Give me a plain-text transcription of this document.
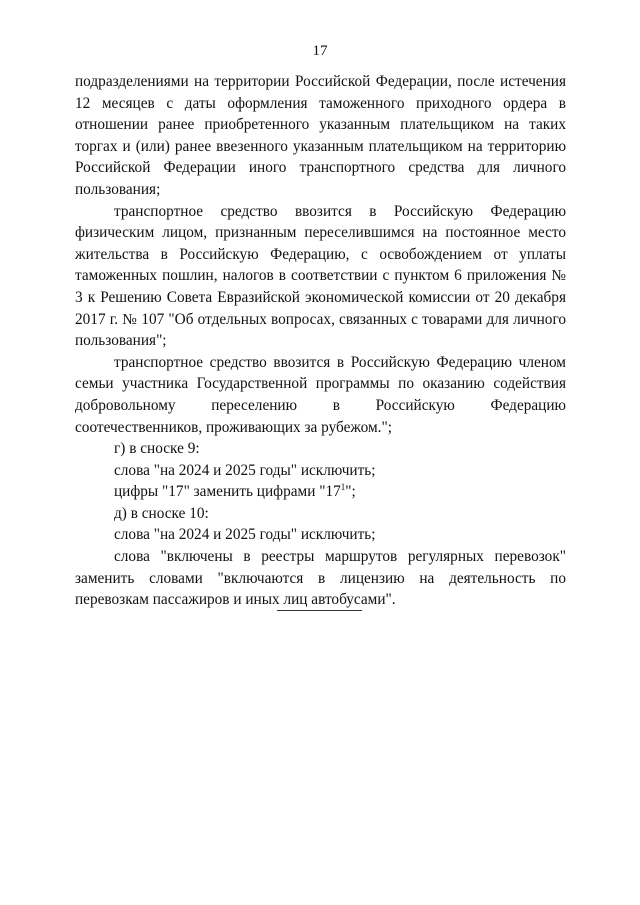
17

подразделениями на территории Российской Федерации, после истечения 12 месяцев с даты оформления таможенного приходного ордера в отношении ранее приобретенного указанным плательщиком на таких торгах и (или) ранее ввезенного указанным плательщиком на территорию Российской Федерации иного транспортного средства для личного пользования;

транспортное средство ввозится в Российскую Федерацию физическим лицом, признанным переселившимся на постоянное место жительства в Российскую Федерацию, с освобождением от уплаты таможенных пошлин, налогов в соответствии с пунктом 6 приложения № 3 к Решению Совета Евразийской экономической комиссии от 20 декабря 2017 г. № 107 "Об отдельных вопросах, связанных с товарами для личного пользования";

транспортное средство ввозится в Российскую Федерацию членом семьи участника Государственной программы по оказанию содействия добровольному переселению в Российскую Федерацию соотечественников, проживающих за рубежом.";

г) в сноске 9:

слова "на 2024 и 2025 годы" исключить;

цифры "17" заменить цифрами "$17^1$";

д) в сноске 10:

слова "на 2024 и 2025 годы" исключить;

слова "включены в реестры маршрутов регулярных перевозок" заменить словами "включаются в лицензию на деятельность по перевозкам пассажиров и иных лиц автобусами".
